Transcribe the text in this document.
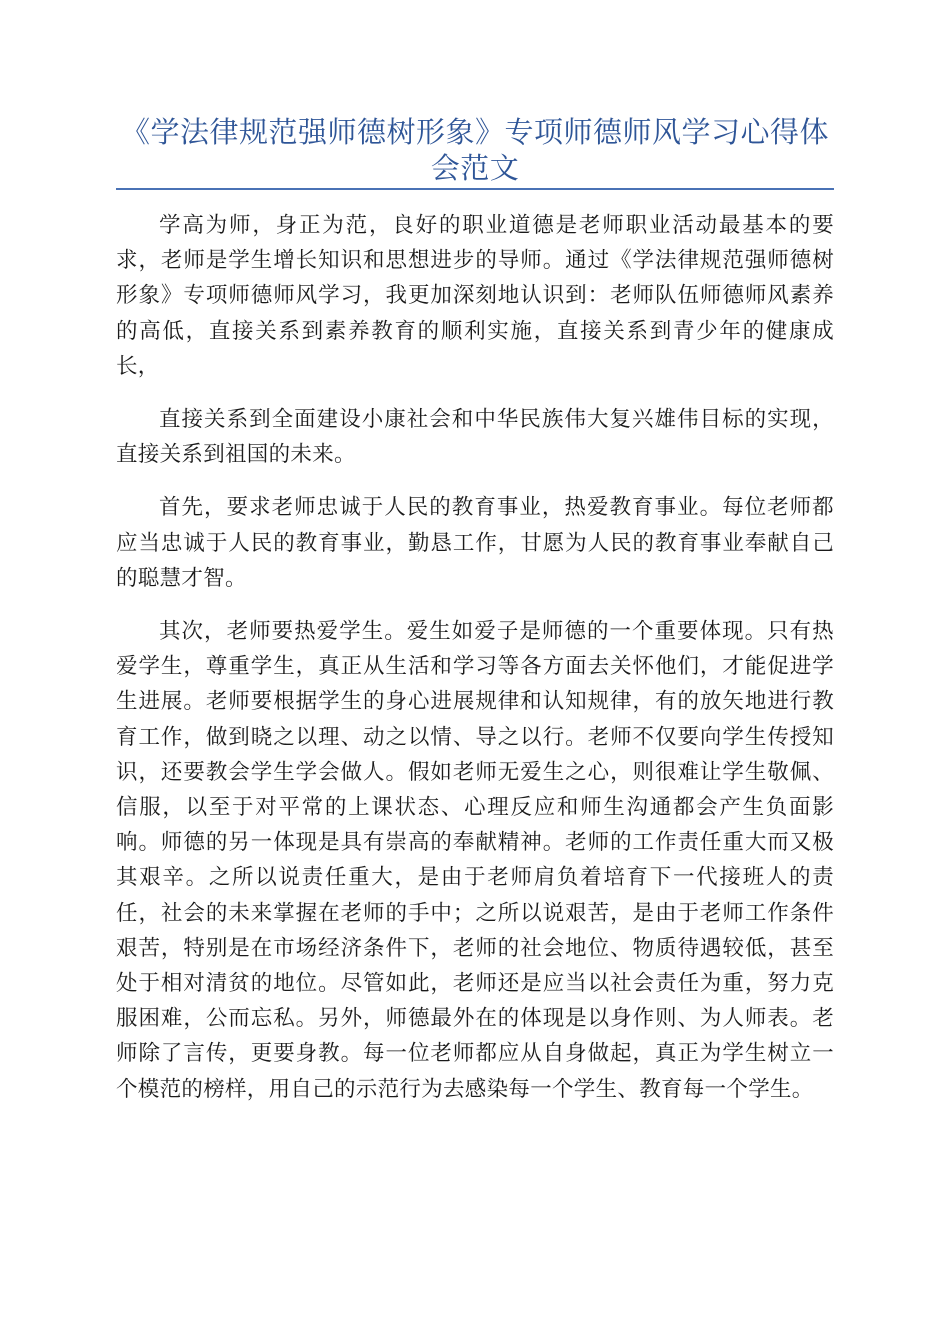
《学法律规范强师德树形象》专项师德师风学习心得体会范文

学高为师，身正为范，良好的职业道德是老师职业活动最基本的要求，老师是学生增长知识和思想进步的导师。通过《学法律规范强师德树形象》专项师德师风学习，我更加深刻地认识到：老师队伍师德师风素养的高低，直接关系到素养教育的顺利实施，直接关系到青少年的健康成长，

直接关系到全面建设小康社会和中华民族伟大复兴雄伟目标的实现，直接关系到祖国的未来。

首先，要求老师忠诚于人民的教育事业，热爱教育事业。每位老师都应当忠诚于人民的教育事业，勤恳工作，甘愿为人民的教育事业奉献自己的聪慧才智。

其次，老师要热爱学生。爱生如爱子是师德的一个重要体现。只有热爱学生，尊重学生，真正从生活和学习等各方面去关怀他们，才能促进学生进展。老师要根据学生的身心进展规律和认知规律，有的放矢地进行教育工作，做到晓之以理、动之以情、导之以行。老师不仅要向学生传授知识，还要教会学生学会做人。假如老师无爱生之心，则很难让学生敬佩、信服，以至于对平常的上课状态、心理反应和师生沟通都会产生负面影响。师德的另一体现是具有崇高的奉献精神。老师的工作责任重大而又极其艰辛。之所以说责任重大，是由于老师肩负着培育下一代接班人的责任，社会的未来掌握在老师的手中；之所以说艰苦，是由于老师工作条件艰苦，特别是在市场经济条件下，老师的社会地位、物质待遇较低，甚至处于相对清贫的地位。尽管如此，老师还是应当以社会责任为重，努力克服困难，公而忘私。另外，师德最外在的体现是以身作则、为人师表。老师除了言传，更要身教。每一位老师都应从自身做起，真正为学生树立一个模范的榜样，用自己的示范行为去感染每一个学生、教育每一个学生。
